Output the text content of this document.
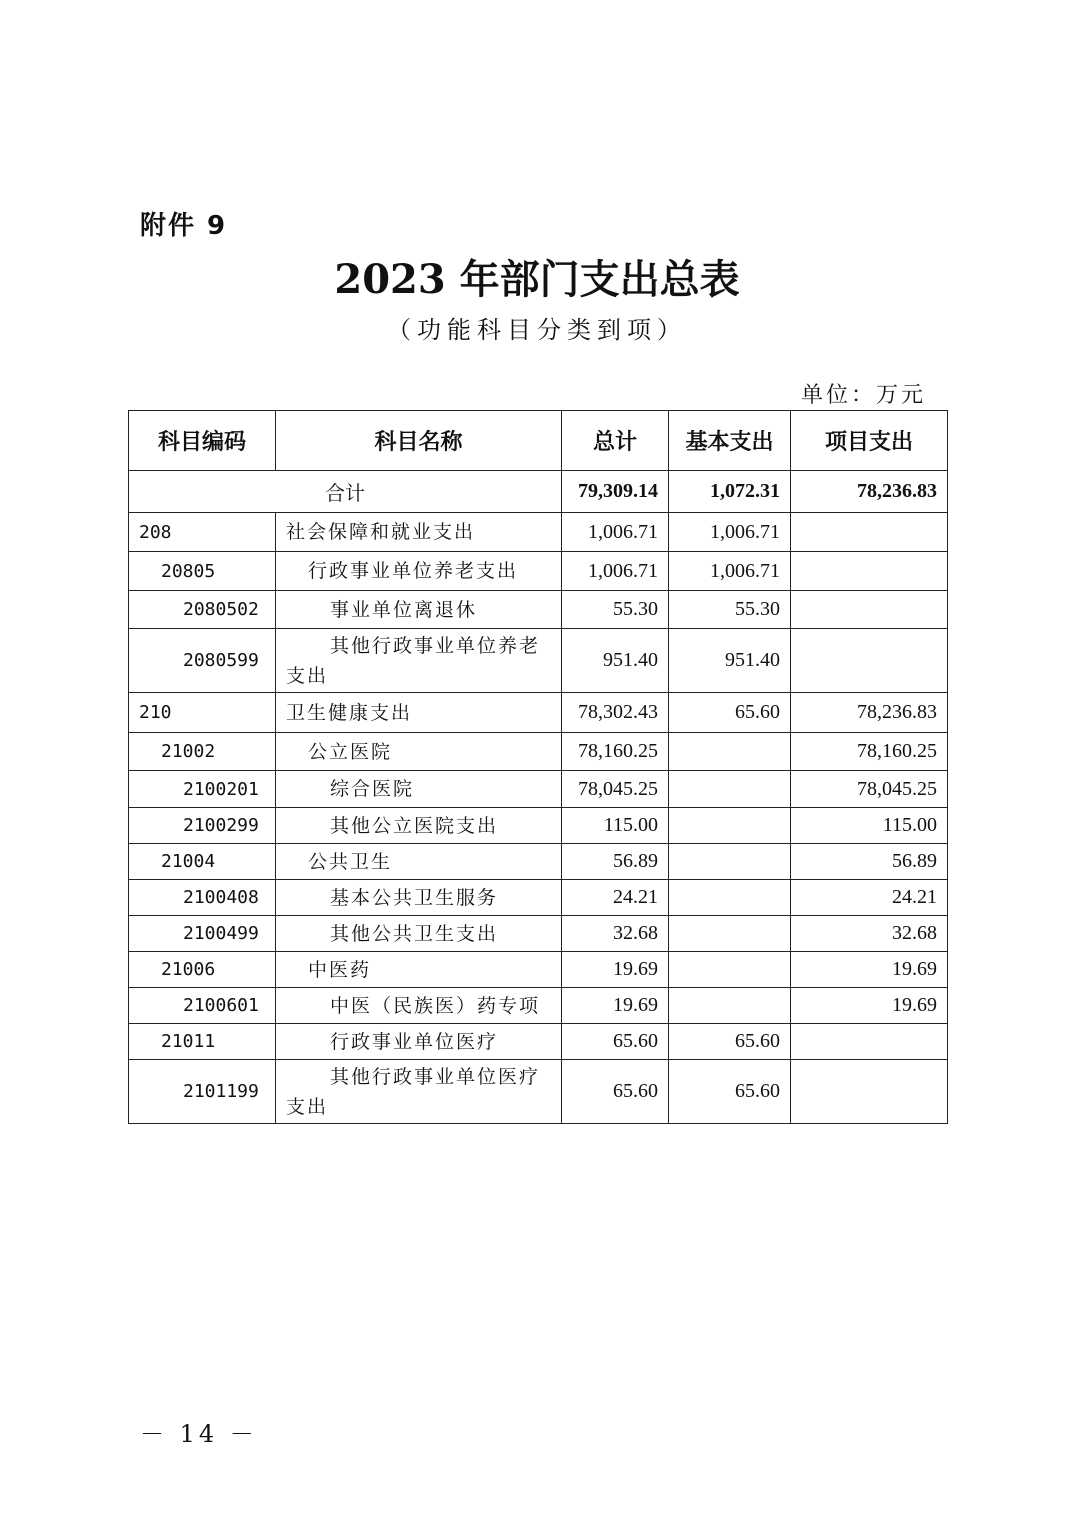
附件 9
2023 年部门支出总表
（功能科目分类到项）
单位：万元
科目编码	科目名称	总计	基本支出	项目支出
合计		79,309.14	1,072.31	78,236.83
208	社会保障和就业支出	1,006.71	1,006.71	
20805	行政事业单位养老支出	1,006.71	1,006.71	
2080502	事业单位离退休	55.30	55.30	
2080599	其他行政事业单位养老支出	951.40	951.40	
210	卫生健康支出	78,302.43	65.60	78,236.83
21002	公立医院	78,160.25		78,160.25
2100201	综合医院	78,045.25		78,045.25
2100299	其他公立医院支出	115.00		115.00
21004	公共卫生	56.89		56.89
2100408	基本公共卫生服务	24.21		24.21
2100499	其他公共卫生支出	32.68		32.68
21006	中医药	19.69		19.69
2100601	中医（民族医）药专项	19.69		19.69
21011	行政事业单位医疗	65.60	65.60	
2101199	其他行政事业单位医疗支出	65.60	65.60	
－ 14 －
